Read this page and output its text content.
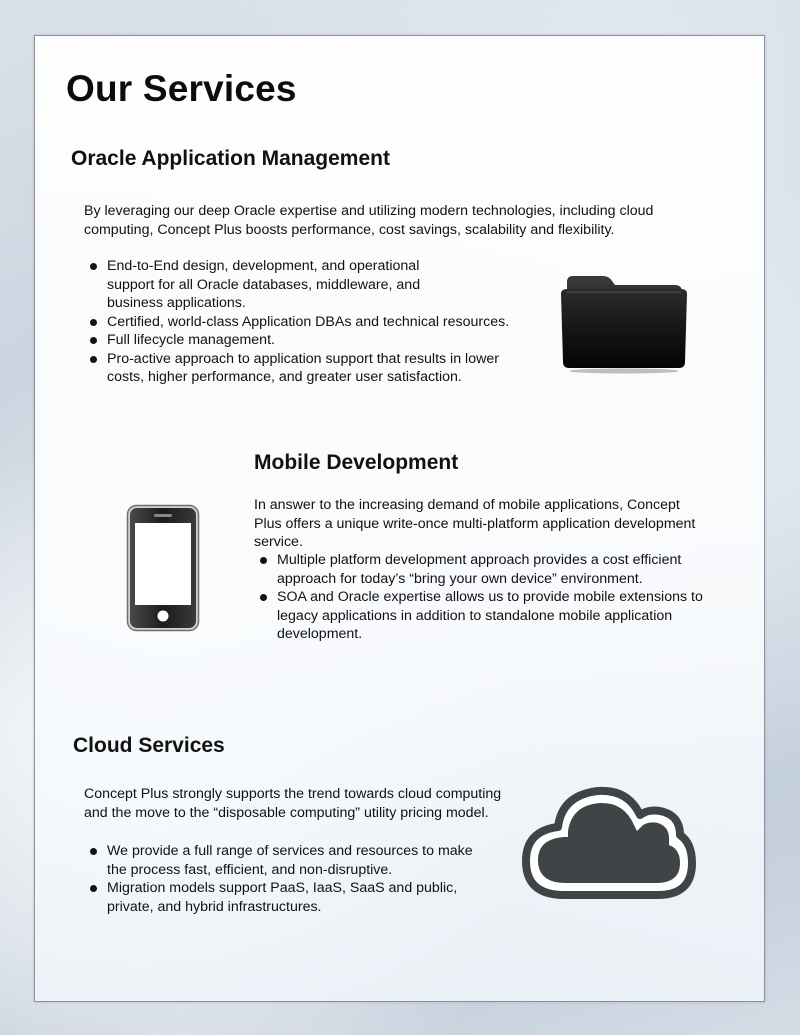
Our Services
Oracle Application Management

By leveraging our deep Oracle expertise and utilizing modern technologies, including cloud computing, Concept Plus boosts performance, cost savings, scalability and flexibility.

End-to-End design, development, and operational support for all Oracle databases, middleware, and business applications.
Certified, world-class Application DBAs and technical resources.
Full lifecycle management.
Pro-active approach to application support that results in lower costs, higher performance, and greater user satisfaction.
Mobile Development

In answer to the increasing demand of mobile applications, Concept Plus offers a unique write-once multi-platform application development service.

Multiple platform development approach provides a cost efficient approach for today’s “bring your own device” environment.
SOA and Oracle expertise allows us to provide mobile extensions to legacy applications in addition to standalone mobile application development.
Cloud Services

Concept Plus strongly supports the trend towards cloud computing and the move to the “disposable computing” utility pricing model.

We provide a full range of services and resources to make the process fast, efficient, and non-disruptive.
Migration models support PaaS, IaaS, SaaS and public, private, and hybrid infrastructures.
